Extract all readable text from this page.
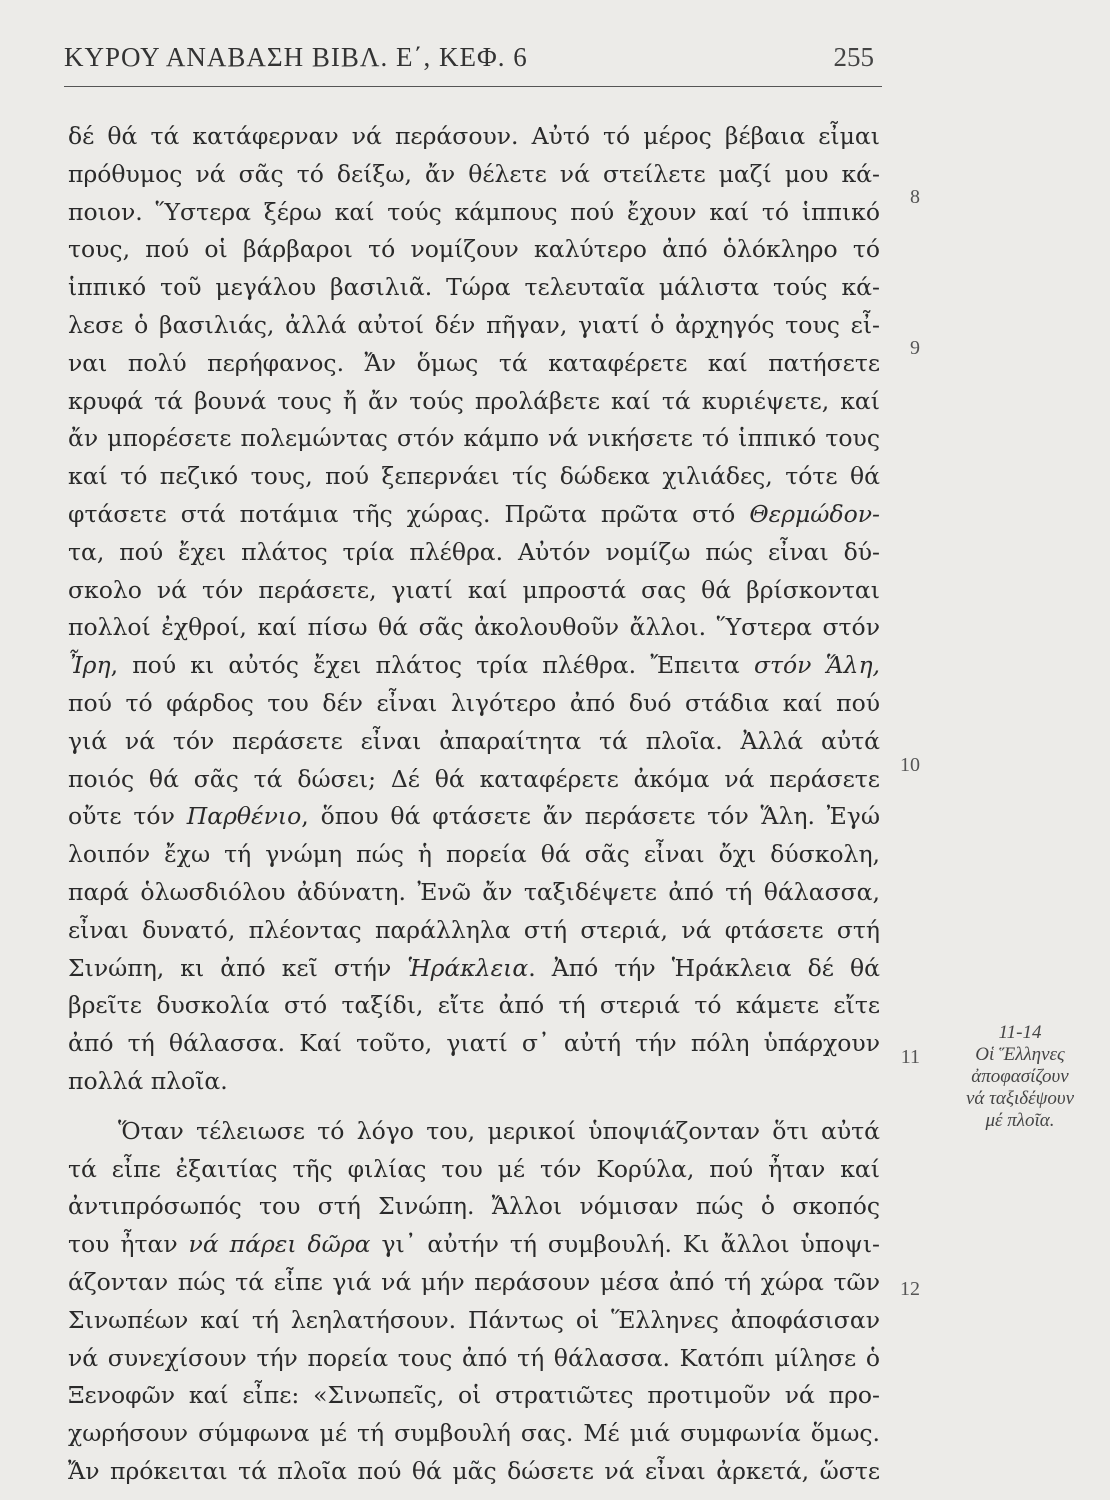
ΚΥΡΟΥ ΑΝΑΒΑΣΗ ΒΙΒΛ. Ε΄, ΚΕΦ. 6	255
δέ θά τά κατάφερναν νά περάσουν. Αὐτό τό μέρος βέβαια εἶμαι
πρόθυμος νά σᾶς τό δείξω, ἄν θέλετε νά στείλετε μαζί μου κά-
ποιον. Ὕστερα ξέρω καί τούς κάμπους πού ἔχουν καί τό ἱππικό
τους, πού οἱ βάρβαροι τό νομίζουν καλύτερο ἀπό ὁλόκληρο τό
ἱππικό τοῦ μεγάλου βασιλιᾶ. Τώρα τελευταῖα μάλιστα τούς κά-
λεσε ὁ βασιλιάς, ἀλλά αὐτοί δέν πῆγαν, γιατί ὁ ἀρχηγός τους εἶ-
ναι πολύ περήφανος. Ἄν ὅμως τά καταφέρετε καί πατήσετε
κρυφά τά βουνά τους ἤ ἄν τούς προλάβετε καί τά κυριέψετε, καί
ἄν μπορέσετε πολεμώντας στόν κάμπο νά νικήσετε τό ἱππικό τους
καί τό πεζικό τους, πού ξεπερνάει τίς δώδεκα χιλιάδες, τότε θά
φτάσετε στά ποτάμια τῆς χώρας. Πρῶτα πρῶτα στό Θερμώδον-
τα, πού ἔχει πλάτος τρία πλέθρα. Αὐτόν νομίζω πώς εἶναι δύ-
σκολο νά τόν περάσετε, γιατί καί μπροστά σας θά βρίσκονται
πολλοί ἐχθροί, καί πίσω θά σᾶς ἀκολουθοῦν ἄλλοι. Ὕστερα στόν
Ἶρη, πού κι αὐτός ἔχει πλάτος τρία πλέθρα. Ἔπειτα στόν Ἅλη,
πού τό φάρδος του δέν εἶναι λιγότερο ἀπό δυό στάδια καί πού
γιά νά τόν περάσετε εἶναι ἀπαραίτητα τά πλοῖα. Ἀλλά αὐτά
ποιός θά σᾶς τά δώσει; Δέ θά καταφέρετε ἀκόμα νά περάσετε
οὔτε τόν Παρθένιο, ὅπου θά φτάσετε ἄν περάσετε τόν Ἅλη. Ἐγώ
λοιπόν ἔχω τή γνώμη πώς ἡ πορεία θά σᾶς εἶναι ὄχι δύσκολη,
παρά ὁλωσδιόλου ἀδύνατη. Ἐνῶ ἄν ταξιδέψετε ἀπό τή θάλασσα,
εἶναι δυνατό, πλέοντας παράλληλα στή στεριά, νά φτάσετε στή
Σινώπη, κι ἀπό κεῖ στήν Ἡράκλεια. Ἀπό τήν Ἡράκλεια δέ θά
βρεῖτε δυσκολία στό ταξίδι, εἴτε ἀπό τή στεριά τό κάμετε εἴτε
ἀπό τή θάλασσα. Καί τοῦτο, γιατί σ᾽ αὐτή τήν πόλη ὑπάρχουν
πολλά πλοῖα.
Ὅταν τέλειωσε τό λόγο του, μερικοί ὑποψιάζονταν ὅτι αὐτά
τά εἶπε ἐξαιτίας τῆς φιλίας του μέ τόν Κορύλα, πού ἦταν καί
ἀντιπρόσωπός του στή Σινώπη. Ἄλλοι νόμισαν πώς ὁ σκοπός
του ἦταν νά πάρει δῶρα γι᾽ αὐτήν τή συμβουλή. Κι ἄλλοι ὑποψι-
άζονταν πώς τά εἶπε γιά νά μήν περάσουν μέσα ἀπό τή χώρα τῶν
Σινωπέων καί τή λεηλατήσουν. Πάντως οἱ Ἕλληνες ἀποφάσισαν
νά συνεχίσουν τήν πορεία τους ἀπό τή θάλασσα. Κατόπι μίλησε ὁ
Ξενοφῶν καί εἶπε: «Σινωπεῖς, οἱ στρατιῶτες προτιμοῦν νά προ-
χωρήσουν σύμφωνα μέ τή συμβουλή σας. Μέ μιά συμφωνία ὅμως.
Ἄν πρόκειται τά πλοῖα πού θά μᾶς δώσετε νά εἶναι ἀρκετά, ὥστε
8
9
10
11
12
11-14
Οἱ Ἕλληνες
ἀποφασίζουν
νά ταξιδέψουν
μέ πλοῖα.
